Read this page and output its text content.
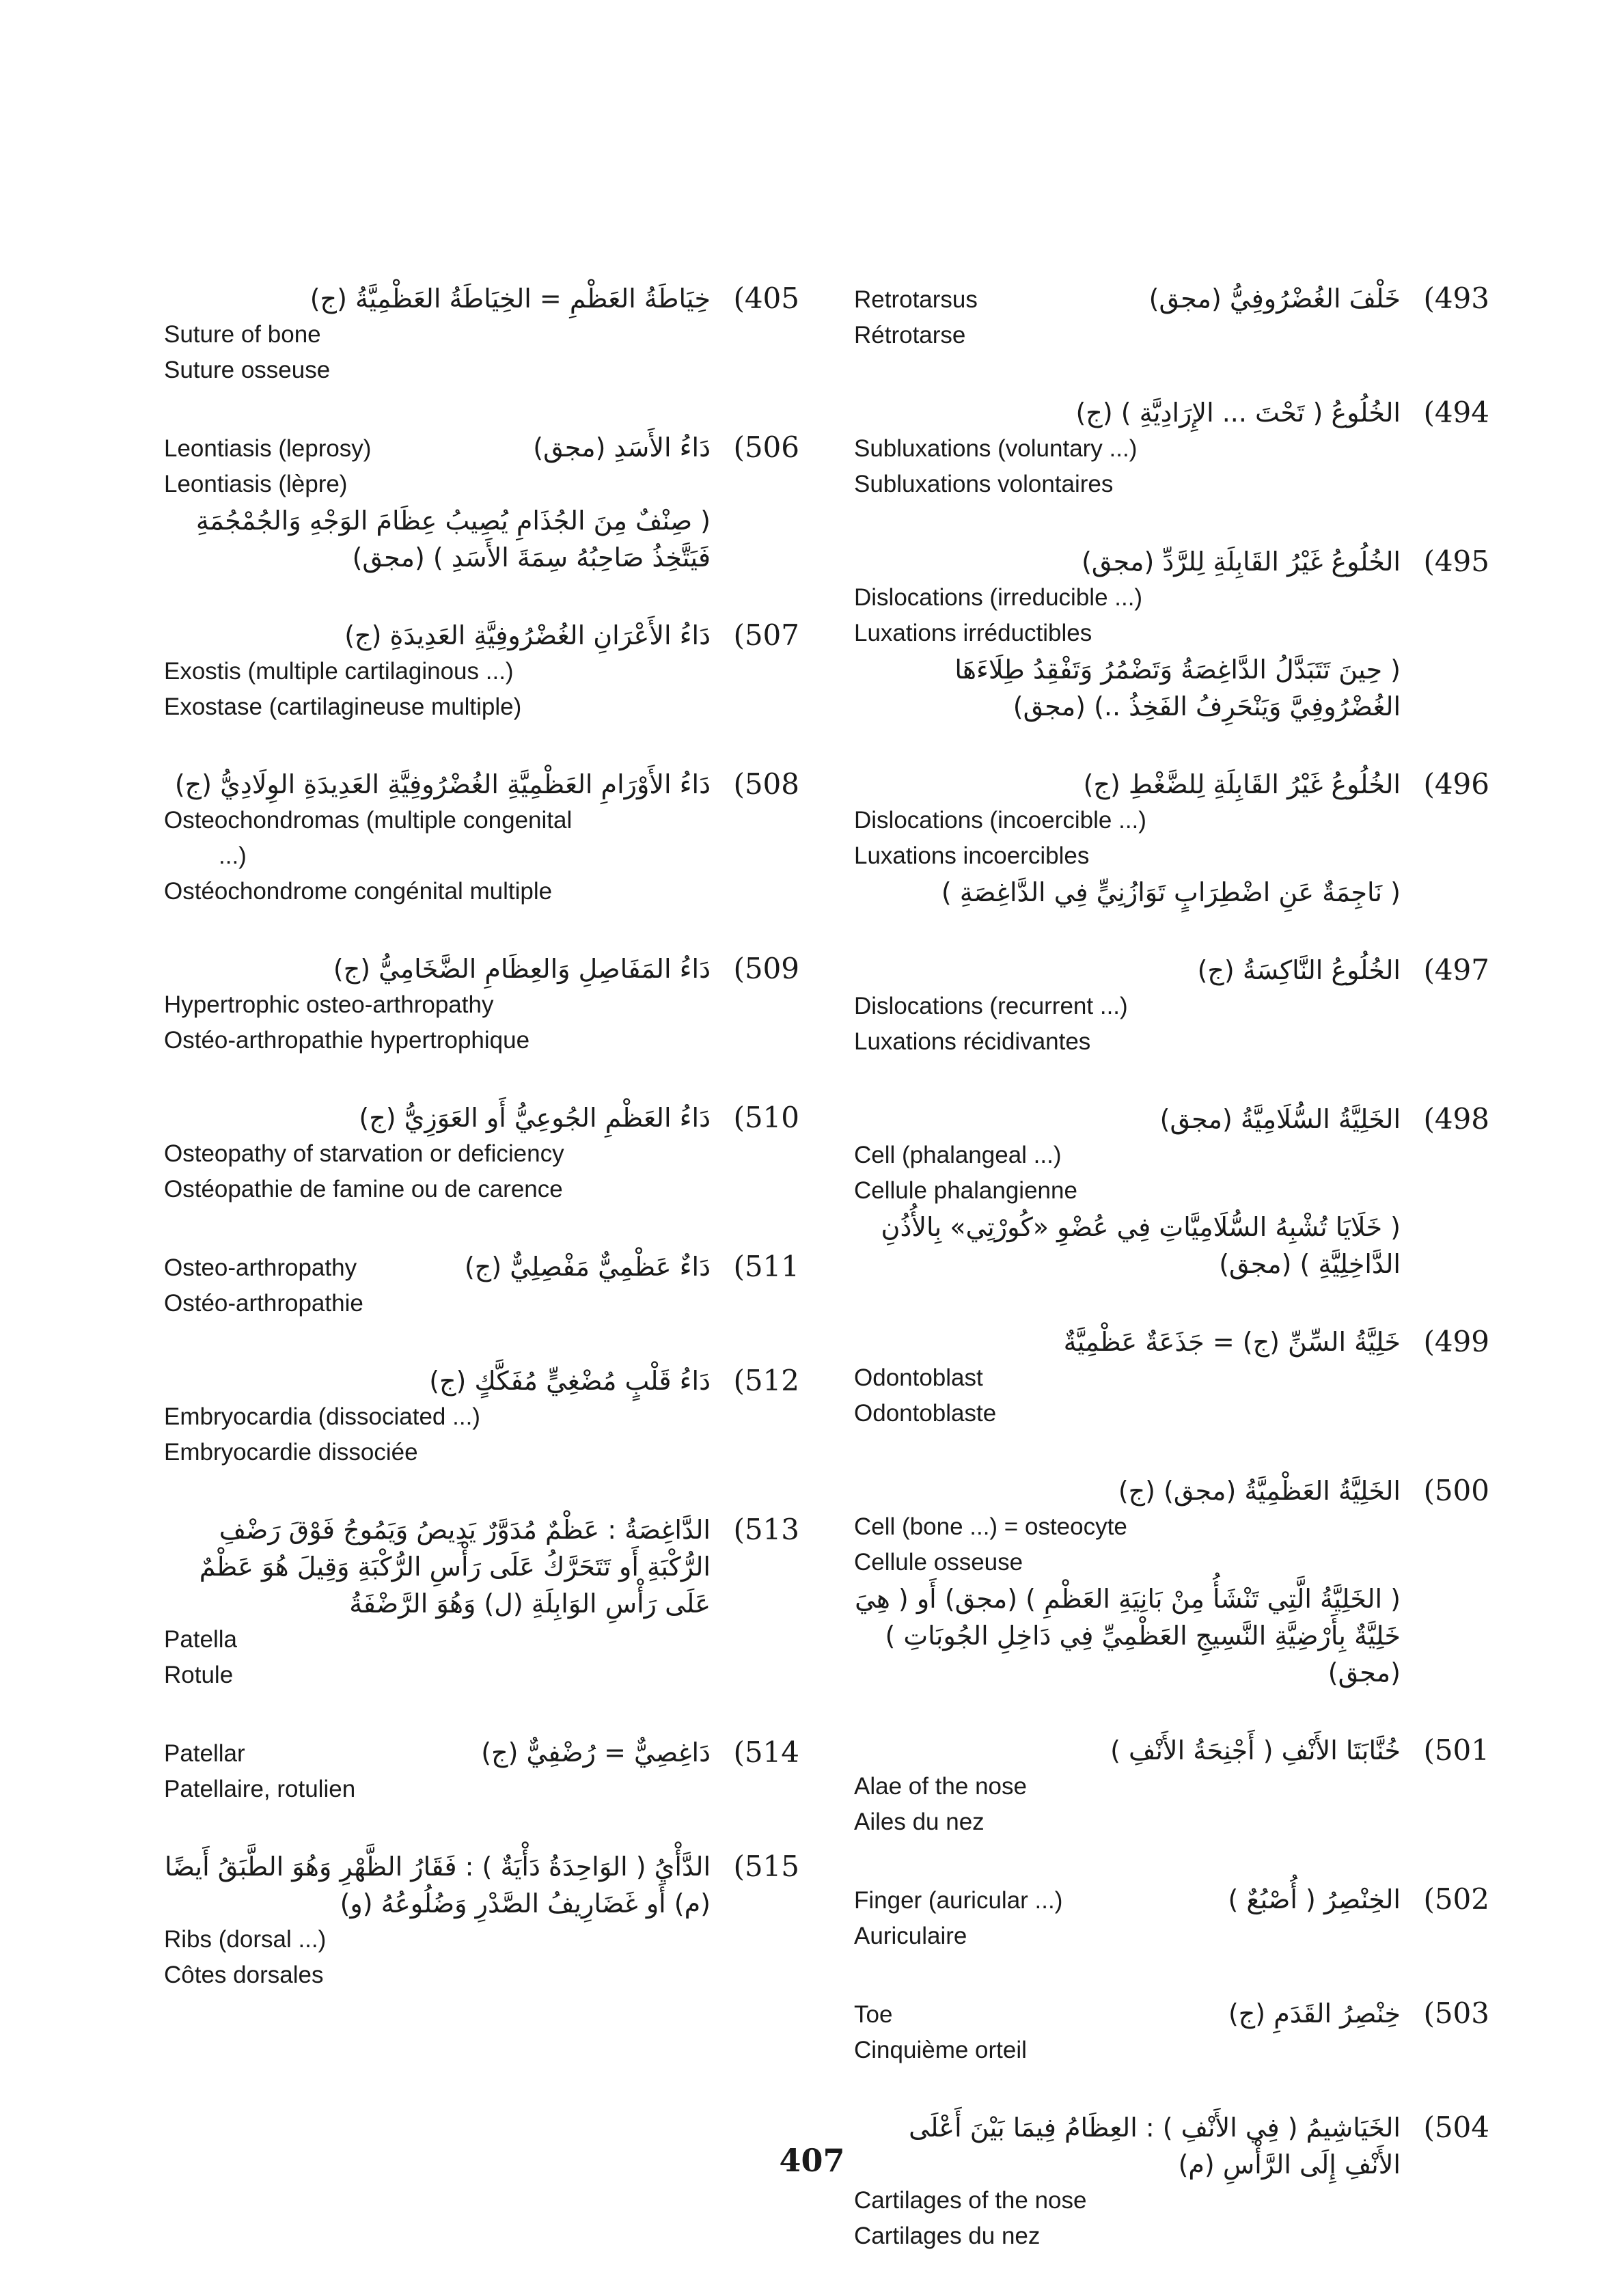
(405
خِيَاطَةُ العَظْمِ = الخِيَاطَةُ العَظْمِيَّةُ (ج)
Suture of bone
Suture osseuse
(506
Leontiasis (leprosy)	دَاءُ الأَسَدِ (مجق)
Leontiasis (lèpre)
( صِنْفٌ مِنَ الجُذَامِ يُصِيبُ عِظَامَ الوَجْهِ وَالجُمْجُمَةِ فَيَتَّخِذُ صَاحِبُهُ سِمَةَ الأَسَدِ ) (مجق)
(507
دَاءُ الأَعْرَانِ الغُضْرُوفِيَّةِ العَدِيدَةِ (ج)
Exostis (multiple cartilaginous ...)
Exostase (cartilagineuse multiple)
(508
دَاءُ الأَوْرَامِ العَظْمِيَّةِ الغُضْرُوفِيَّةِ العَدِيدَةِ الوِلَادِيُّ (ج)
Osteochondromas (multiple congenital
...)
Ostéochondrome congénital multiple
(509
دَاءُ المَفَاصِلِ وَالعِظَامِ الضَّخَامِيُّ (ج)
Hypertrophic osteo-arthropathy
Ostéo-arthropathie hypertrophique
(510
دَاءُ العَظْمِ الجُوعِيُّ أَو العَوَزِيُّ (ج)
Osteopathy of starvation or deficiency
Ostéopathie de famine ou de carence
(511
Osteo-arthropathy	دَاءٌ عَظْمِيٌّ مَفْصِلِيٌّ (ج)
Ostéo-arthropathie
(512
دَاءُ قَلْبٍ مُضْغِيٍّ مُفَكَّكٍ (ج)
Embryocardia (dissociated ...)
Embryocardie dissociée
(513
الدَّاغِصَةُ : عَظْمٌ مُدَوَّرٌ يَدِيصُ وَيَمُوجُ فَوْقَ رَضْفِ الرُّكْبَةِ أَو تَتَحَرَّكُ عَلَى رَأْسِ الرُّكْبَةِ وَقِيلَ هُوَ عَظْمٌ عَلَى رَأْسِ الوَابِلَةِ (ل) وَهُوَ الرَّضْفَةُ
Patella
Rotule
(514
Patellar	دَاغِصِيٌّ = رُضْفِيٌّ (ج)
Patellaire, rotulien
(515
الدَّأْيُ ( الوَاحِدَةُ دَأْيَةٌ ) : فَقَارُ الظَّهْرِ وَهُوَ الطَّبَقُ أَيضًا (م) أَو غَضَارِيفُ الصَّدْرِ وَضُلُوعُهُ (و)
Ribs (dorsal ...)
Côtes dorsales
(493
Retrotarsus	خَلْفَ الغُضْرُوفِيُّ (مجق)
Rétrotarse
(494
الخُلُوعُ ( تَحْتَ ... الإِرَادِيَّةِ ) (ج)
Subluxations (voluntary ...)
Subluxations volontaires
(495
الخُلُوعُ غَيْرُ القَابِلَةِ لِلرَّدِّ (مجق)
Dislocations (irreducible ...)
Luxations irréductibles
( حِينَ تَتَبَدَّلُ الدَّاغِصَةُ وَتَضْمُرُ وَتَفْقِدُ طِلَاءَهَا الغُضْرُوفِيَّ وَيَنْحَرِفُ الفَخِذُ ..) (مجق)
(496
الخُلُوعُ غَيْرُ القَابِلَةِ لِلضَّغْطِ (ج)
Dislocations (incoercible ...)
Luxations incoercibles
( نَاجِمَةٌ عَنِ اضْطِرَابٍ تَوَازُنِيٍّ فِي الدَّاغِصَةِ )
(497
الخُلُوعُ النَّاكِسَةُ (ج)
Dislocations (recurrent ...)
Luxations récidivantes
(498
الخَلِيَّةُ السُّلَامِيَّةُ (مجق)
Cell (phalangeal ...)
Cellule phalangienne
( خَلَايَا تُشْبِهُ السُّلَامِيَّاتِ فِي عُضْوِ «كُورْتِي» بِالأُذُنِ الدَّاخِلِيَّةِ ) (مجق)
(499
خَلِيَّةُ السِّنِّ (ج) = جَذَعَةٌ عَظْمِيَّةٌ
Odontoblast
Odontoblaste
(500
الخَلِيَّةُ العَظْمِيَّةُ (مجق) (ج)
Cell (bone ...) = osteocyte
Cellule osseuse
( الخَلِيَّةُ الَّتِي تَنْشَأُ مِنْ بَانِيَةِ العَظْمِ ) (مجق) أَو ( هِيَ خَلِيَّةٌ بِأَرْضِيَّةِ النَّسِيجِ العَظْمِيِّ فِي دَاخِلِ الجُوبَاتِ ) (مجق)
(501
خُنَّابَتَا الأَنْفِ ( أَجْنِحَةُ الأَنْفِ )
Alae of the nose
Ailes du nez
(502
Finger (auricular ...)	الخِنْصِرُ ( أُصْبُعٌ )
Auriculaire
(503
Toe	خِنْصِرُ القَدَمِ (ج)
Cinquième orteil
(504
الخَيَاشِيمُ ( فِي الأَنْفِ ) : العِظَامُ فِيمَا بَيْنَ أَعْلَى الأَنْفِ إِلَى الرَّأْسِ (م)
Cartilages of the nose
Cartilages du nez
407
